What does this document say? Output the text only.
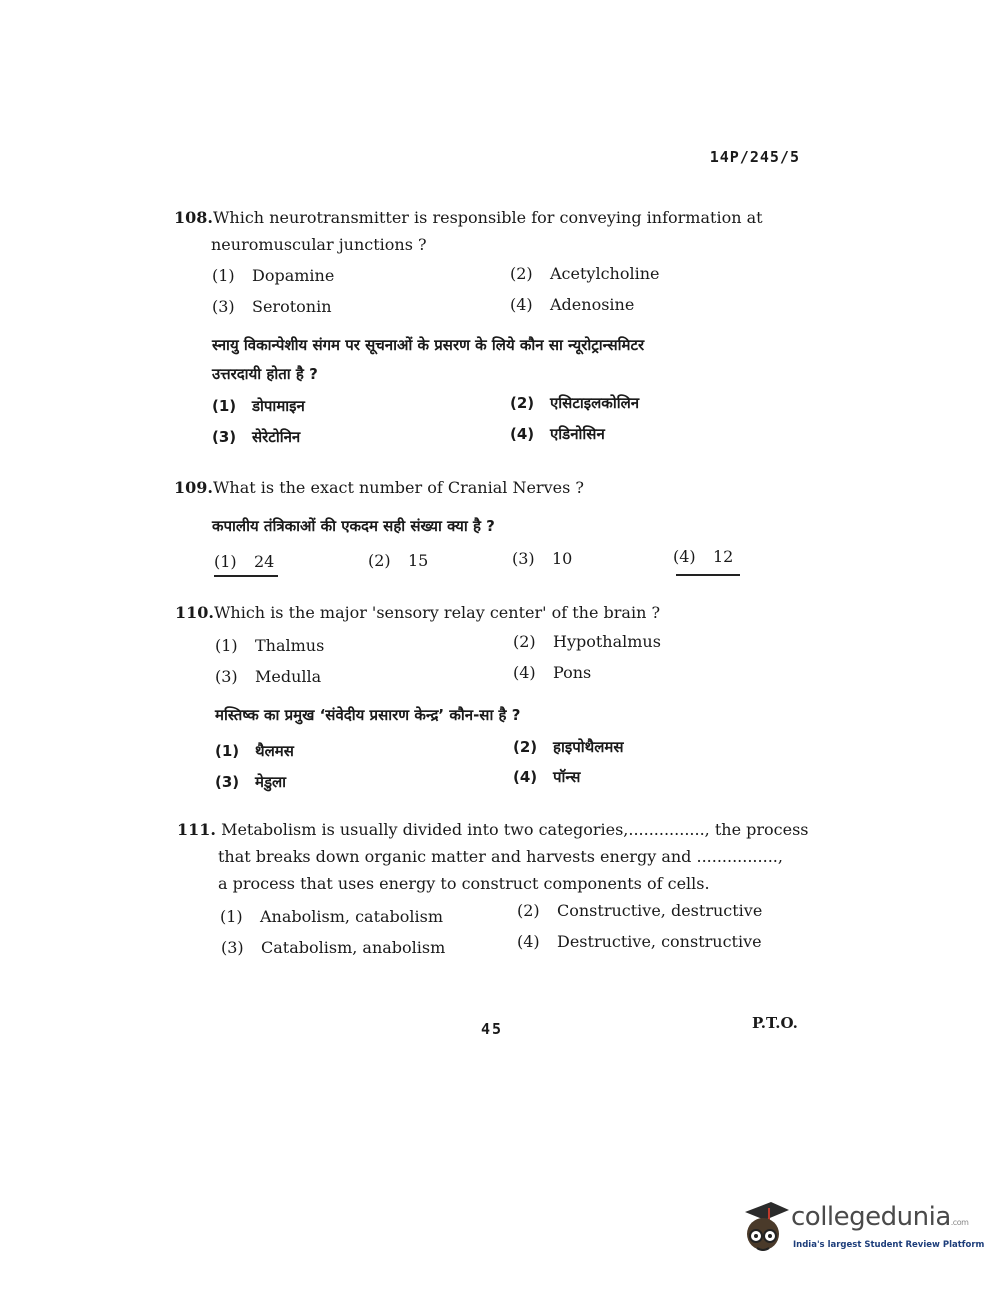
14P/245/5
108.Which neurotransmitter is responsible for conveying information at
neuromuscular junctions ?
(1) Dopamine	(2) Acetylcholine
(3) Serotonin	(4) Adenosine
स्नायु विकान्पेशीय संगम पर सूचनाओं के प्रसरण के लिये कौन सा न्यूरोट्रान्समिटर
उत्तरदायी होता है ?
(1) डोपामाइन	(2) एसिटाइलकोलिन
(3) सेरेटोनिन	(4) एडिनोसिन
109.What is the exact number of Cranial Nerves ?
कपालीय तंत्रिकाओं की एकदम सही संख्या क्या है ?
(1) 24	(2) 15	(3) 10	(4) 12
110.Which is the major 'sensory relay center' of the brain ?
(1) Thalmus	(2) Hypothalmus
(3) Medulla	(4) Pons
मस्तिष्क का प्रमुख ‘संवेदीय प्रसारण केन्द्र’ कौन-सा है ?
(1) थैलमस	(2) हाइपोथैलमस
(3) मेडुला	(4) पॉन्स
111. Metabolism is usually divided into two categories,..............., the process
that breaks down organic matter and harvests energy and ................,
a process that uses energy to construct components of cells.
(1) Anabolism, catabolism	(2) Constructive, destructive
(3) Catabolism, anabolism	(4) Destructive, constructive
45	P.T.O.
collegedunia.com
India's largest Student Review Platform
